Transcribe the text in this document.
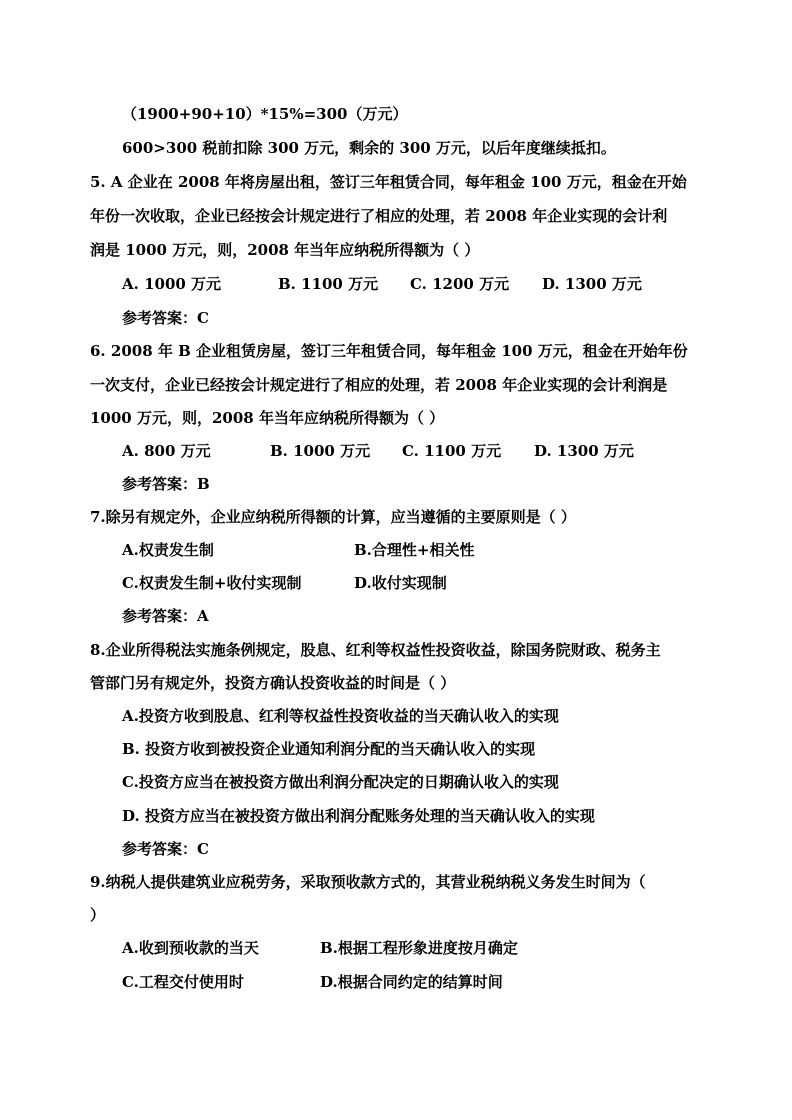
（1900+90+10）*15%=300（万元）
600>300 税前扣除 300 万元，剩余的 300 万元，以后年度继续抵扣。
5. A 企业在 2008 年将房屋出租，签订三年租赁合同，每年租金 100 万元，租金在开始
年份一次收取，企业已经按会计规定进行了相应的处理，若 2008 年企业实现的会计利
润是 1000 万元，则，2008 年当年应纳税所得额为（ ）
A. 1000 万元	B. 1100 万元 C. 1200 万元 D. 1300 万元
参考答案：C
6. 2008 年 B 企业租赁房屋，签订三年租赁合同，每年租金 100 万元，租金在开始年份
一次支付，企业已经按会计规定进行了相应的处理，若 2008 年企业实现的会计利润是
1000 万元，则，2008 年当年应纳税所得额为（ ）
A. 800 万元	B. 1000 万元 C. 1100 万元 D. 1300 万元
参考答案：B
7.除另有规定外，企业应纳税所得额的计算，应当遵循的主要原则是（ ）
A.权责发生制	B.合理性+相关性
C.权责发生制+收付实现制	D.收付实现制
参考答案：A
8.企业所得税法实施条例规定，股息、红利等权益性投资收益，除国务院财政、税务主
管部门另有规定外，投资方确认投资收益的时间是（ ）
A.投资方收到股息、红利等权益性投资收益的当天确认收入的实现
B. 投资方收到被投资企业通知利润分配的当天确认收入的实现
C.投资方应当在被投资方做出利润分配决定的日期确认收入的实现
D. 投资方应当在被投资方做出利润分配账务处理的当天确认收入的实现
参考答案：C
9.纳税人提供建筑业应税劳务，采取预收款方式的，其营业税纳税义务发生时间为（
）
A.收到预收款的当天	B.根据工程形象进度按月确定
C.工程交付使用时	D.根据合同约定的结算时间
